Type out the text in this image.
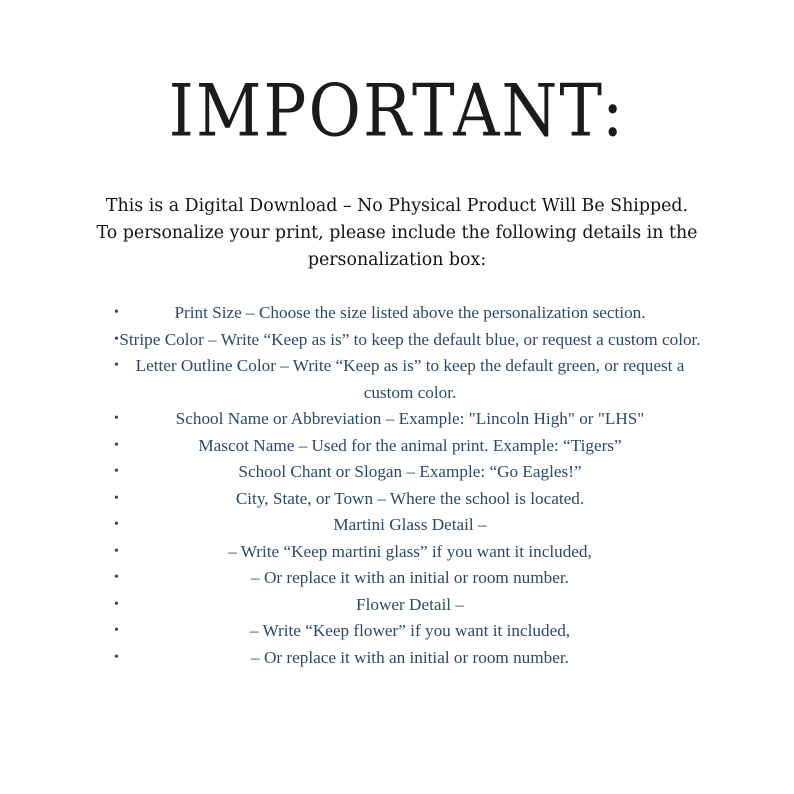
IMPORTANT:

This is a Digital Download – No Physical Product Will Be Shipped.

To personalize your print, please include the following details in the personalization box:

•	Print Size – Choose the size listed above the personalization section.
• Stripe Color – Write “Keep as is” to keep the default blue, or request a custom color.
• Letter Outline Color – Write “Keep as is” to keep the default green, or request a custom color.
•	School Name or Abbreviation – Example: "Lincoln High" or "LHS"
•	Mascot Name – Used for the animal print. Example: “Tigers”
•	School Chant or Slogan – Example: “Go Eagles!”
•	City, State, or Town – Where the school is located.
•	Martini Glass Detail –
•	– Write “Keep martini glass” if you want it included,
•	– Or replace it with an initial or room number.
•	Flower Detail –
•	– Write “Keep flower” if you want it included,
•	– Or replace it with an initial or room number.
